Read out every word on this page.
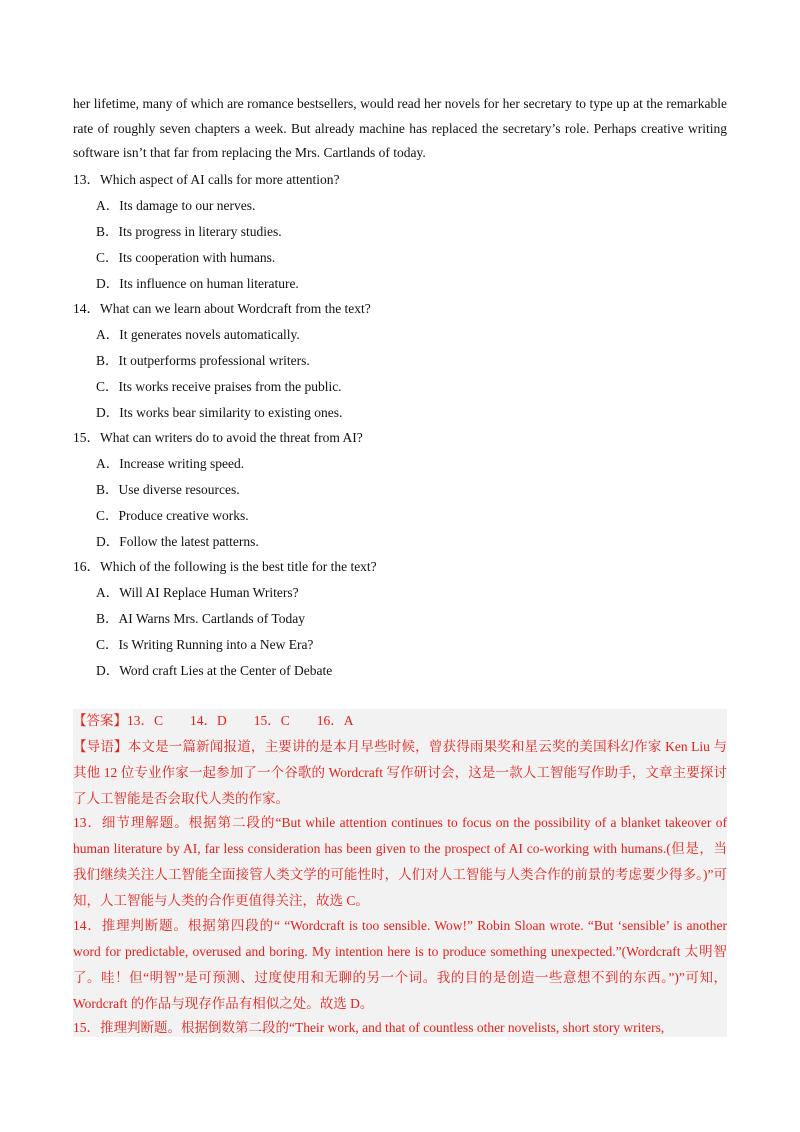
her lifetime, many of which are romance bestsellers, would read her novels for her secretary to type up at the remarkable rate of roughly seven chapters a week. But already machine has replaced the secretary’s role. Perhaps creative writing software isn’t that far from replacing the Mrs. Cartlands of today.

13．Which aspect of AI calls for more attention?
A．Its damage to our nerves.
B．Its progress in literary studies.
C．Its cooperation with humans.
D．Its influence on human literature.
14．What can we learn about Wordcraft from the text?
A．It generates novels automatically.
B．It outperforms professional writers.
C．Its works receive praises from the public.
D．Its works bear similarity to existing ones.
15．What can writers do to avoid the threat from AI?
A．Increase writing speed.
B．Use diverse resources.
C．Produce creative works.
D．Follow the latest patterns.
16．Which of the following is the best title for the text?
A．Will AI Replace Human Writers?
B．AI Warns Mrs. Cartlands of Today
C．Is Writing Running into a New Era?
D．Word craft Lies at the Center of Debate
【答案】13．C　　14．D　　15．C　　16．A

【导语】本文是一篇新闻报道，主要讲的是本月早些时候，曾获得雨果奖和星云奖的美国科幻作家 Ken Liu 与其他 12 位专业作家一起参加了一个谷歌的 Wordcraft 写作研讨会，这是一款人工智能写作助手，文章主要探讨了人工智能是否会取代人类的作家。

13．细节理解题。根据第二段的“But while attention continues to focus on the possibility of a blanket takeover of human literature by AI, far less consideration has been given to the prospect of AI co-working with humans.(但是，当我们继续关注人工智能全面接管人类文学的可能性时，人们对人工智能与人类合作的前景的考虑要少得多。)”可知，人工智能与人类的合作更值得关注，故选 C。

14．推理判断题。根据第四段的“ “Wordcraft is too sensible. Wow!” Robin Sloan wrote. “But ‘sensible’ is another word for predictable, overused and boring. My intention here is to produce something unexpected.”(Wordcraft 太明智了。哇！但“明智”是可预测、过度使用和无聊的另一个词。我的目的是创造一些意想不到的东西。”)”可知，Wordcraft 的作品与现存作品有相似之处。故选 D。

15．推理判断题。根据倒数第二段的“Their work, and that of countless other novelists, short story writers,
